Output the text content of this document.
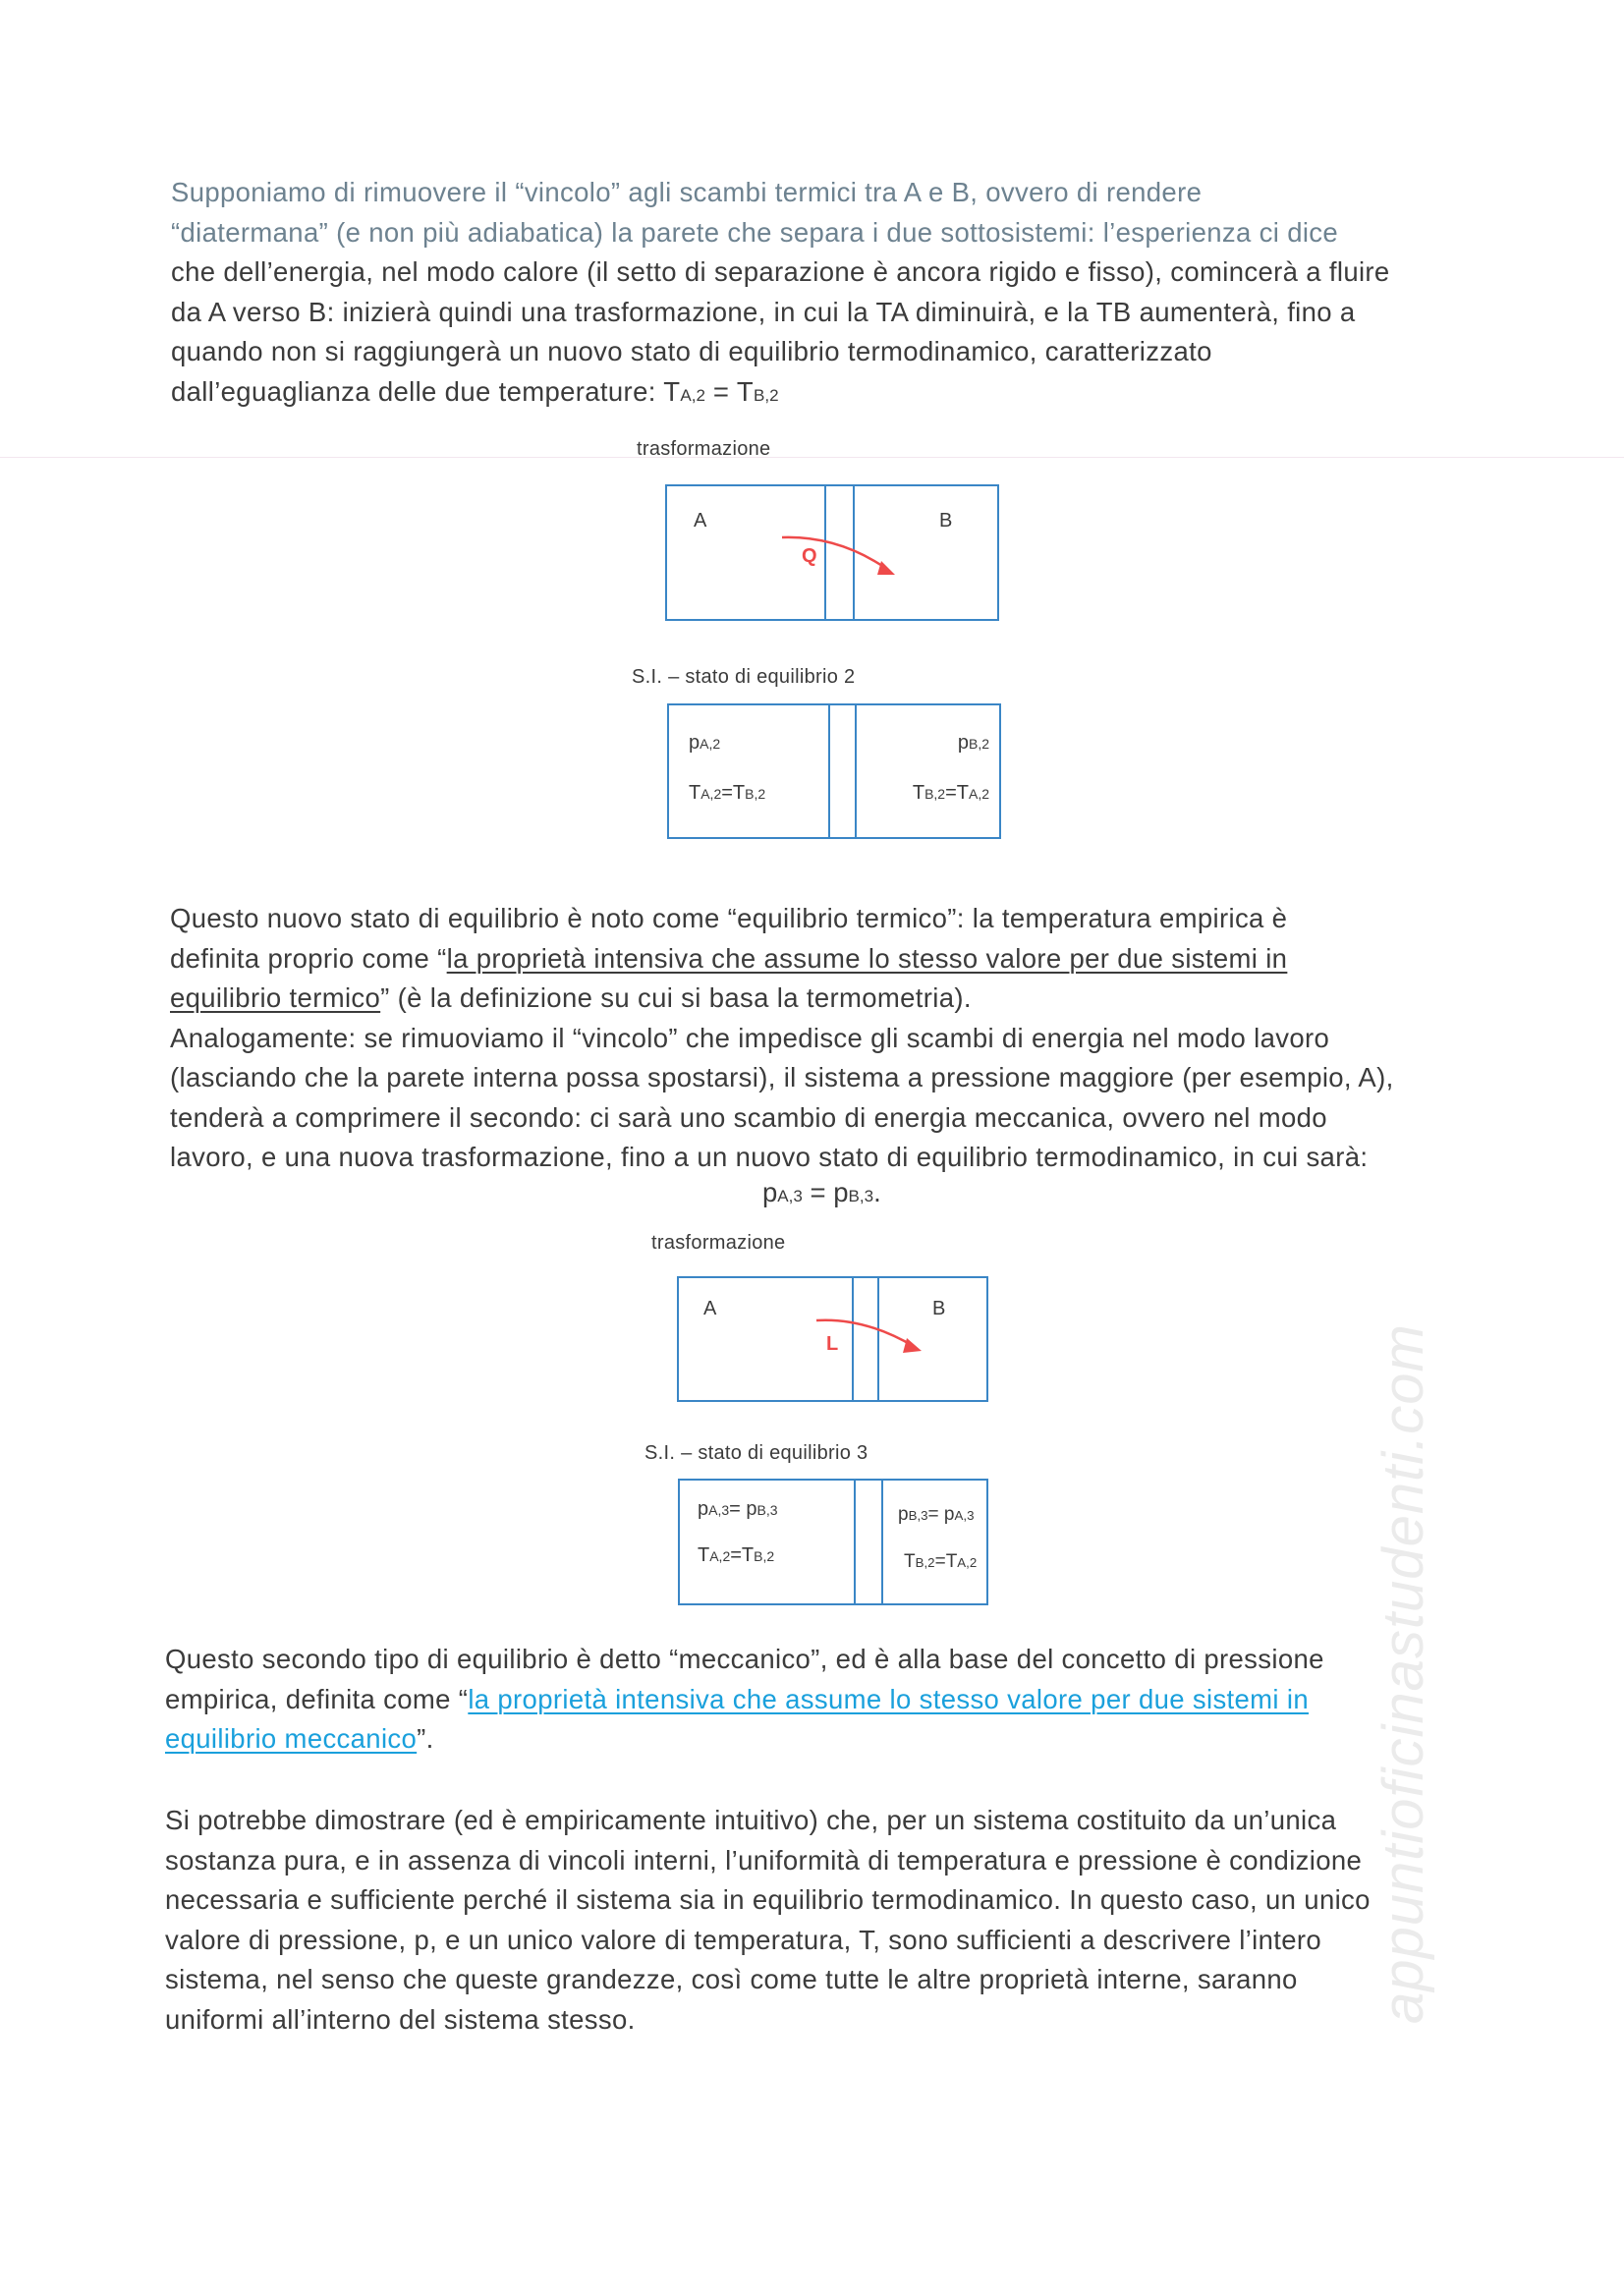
appuntioficinastudenti.com
Supponiamo di rimuovere il “vincolo” agli scambi termici tra A e B, ovvero di rendere
“diatermana” (e non più adiabatica) la parete che separa i due sottosistemi: l’esperienza ci dice
che dell’energia, nel modo calore (il setto di separazione è ancora rigido e fisso), comincerà a fluire
da A verso B: inizierà quindi una trasformazione, in cui la TA diminuirà, e la TB aumenterà, fino a
quando non si raggiungerà un nuovo stato di equilibrio termodinamico, caratterizzato
dall’eguaglianza delle due temperature: TA,2 = TB,2
trasformazione
A	B
Q
S.I. – stato di equilibrio 2
pA,2
TA,2=TB,2
pB,2
TB,2=TA,2
Questo nuovo stato di equilibrio è noto come “equilibrio termico”: la temperatura empirica è
definita proprio come “la proprietà intensiva che assume lo stesso valore per due sistemi in
equilibrio termico” (è la definizione su cui si basa la termometria).
Analogamente: se rimuoviamo il “vincolo” che impedisce gli scambi di energia nel modo lavoro
(lasciando che la parete interna possa spostarsi), il sistema a pressione maggiore (per esempio, A),
tenderà a comprimere il secondo: ci sarà uno scambio di energia meccanica, ovvero nel modo
lavoro, e una nuova trasformazione, fino a un nuovo stato di equilibrio termodinamico, in cui sarà:
pA,3 = pB,3.
trasformazione
A	B
L
S.I. – stato di equilibrio 3
pA,3= pB,3
TA,2=TB,2
pB,3= pA,3
TB,2=TA,2
Questo secondo tipo di equilibrio è detto “meccanico”, ed è alla base del concetto di pressione
empirica, definita come “la proprietà intensiva che assume lo stesso valore per due sistemi in
equilibrio meccanico”.
Si potrebbe dimostrare (ed è empiricamente intuitivo) che, per un sistema costituito da un’unica
sostanza pura, e in assenza di vincoli interni, l’uniformità di temperatura e pressione è condizione
necessaria e sufficiente perché il sistema sia in equilibrio termodinamico. In questo caso, un unico
valore di pressione, p, e un unico valore di temperatura, T, sono sufficienti a descrivere l’intero
sistema, nel senso che queste grandezze, così come tutte le altre proprietà interne, saranno
uniformi all’interno del sistema stesso.
